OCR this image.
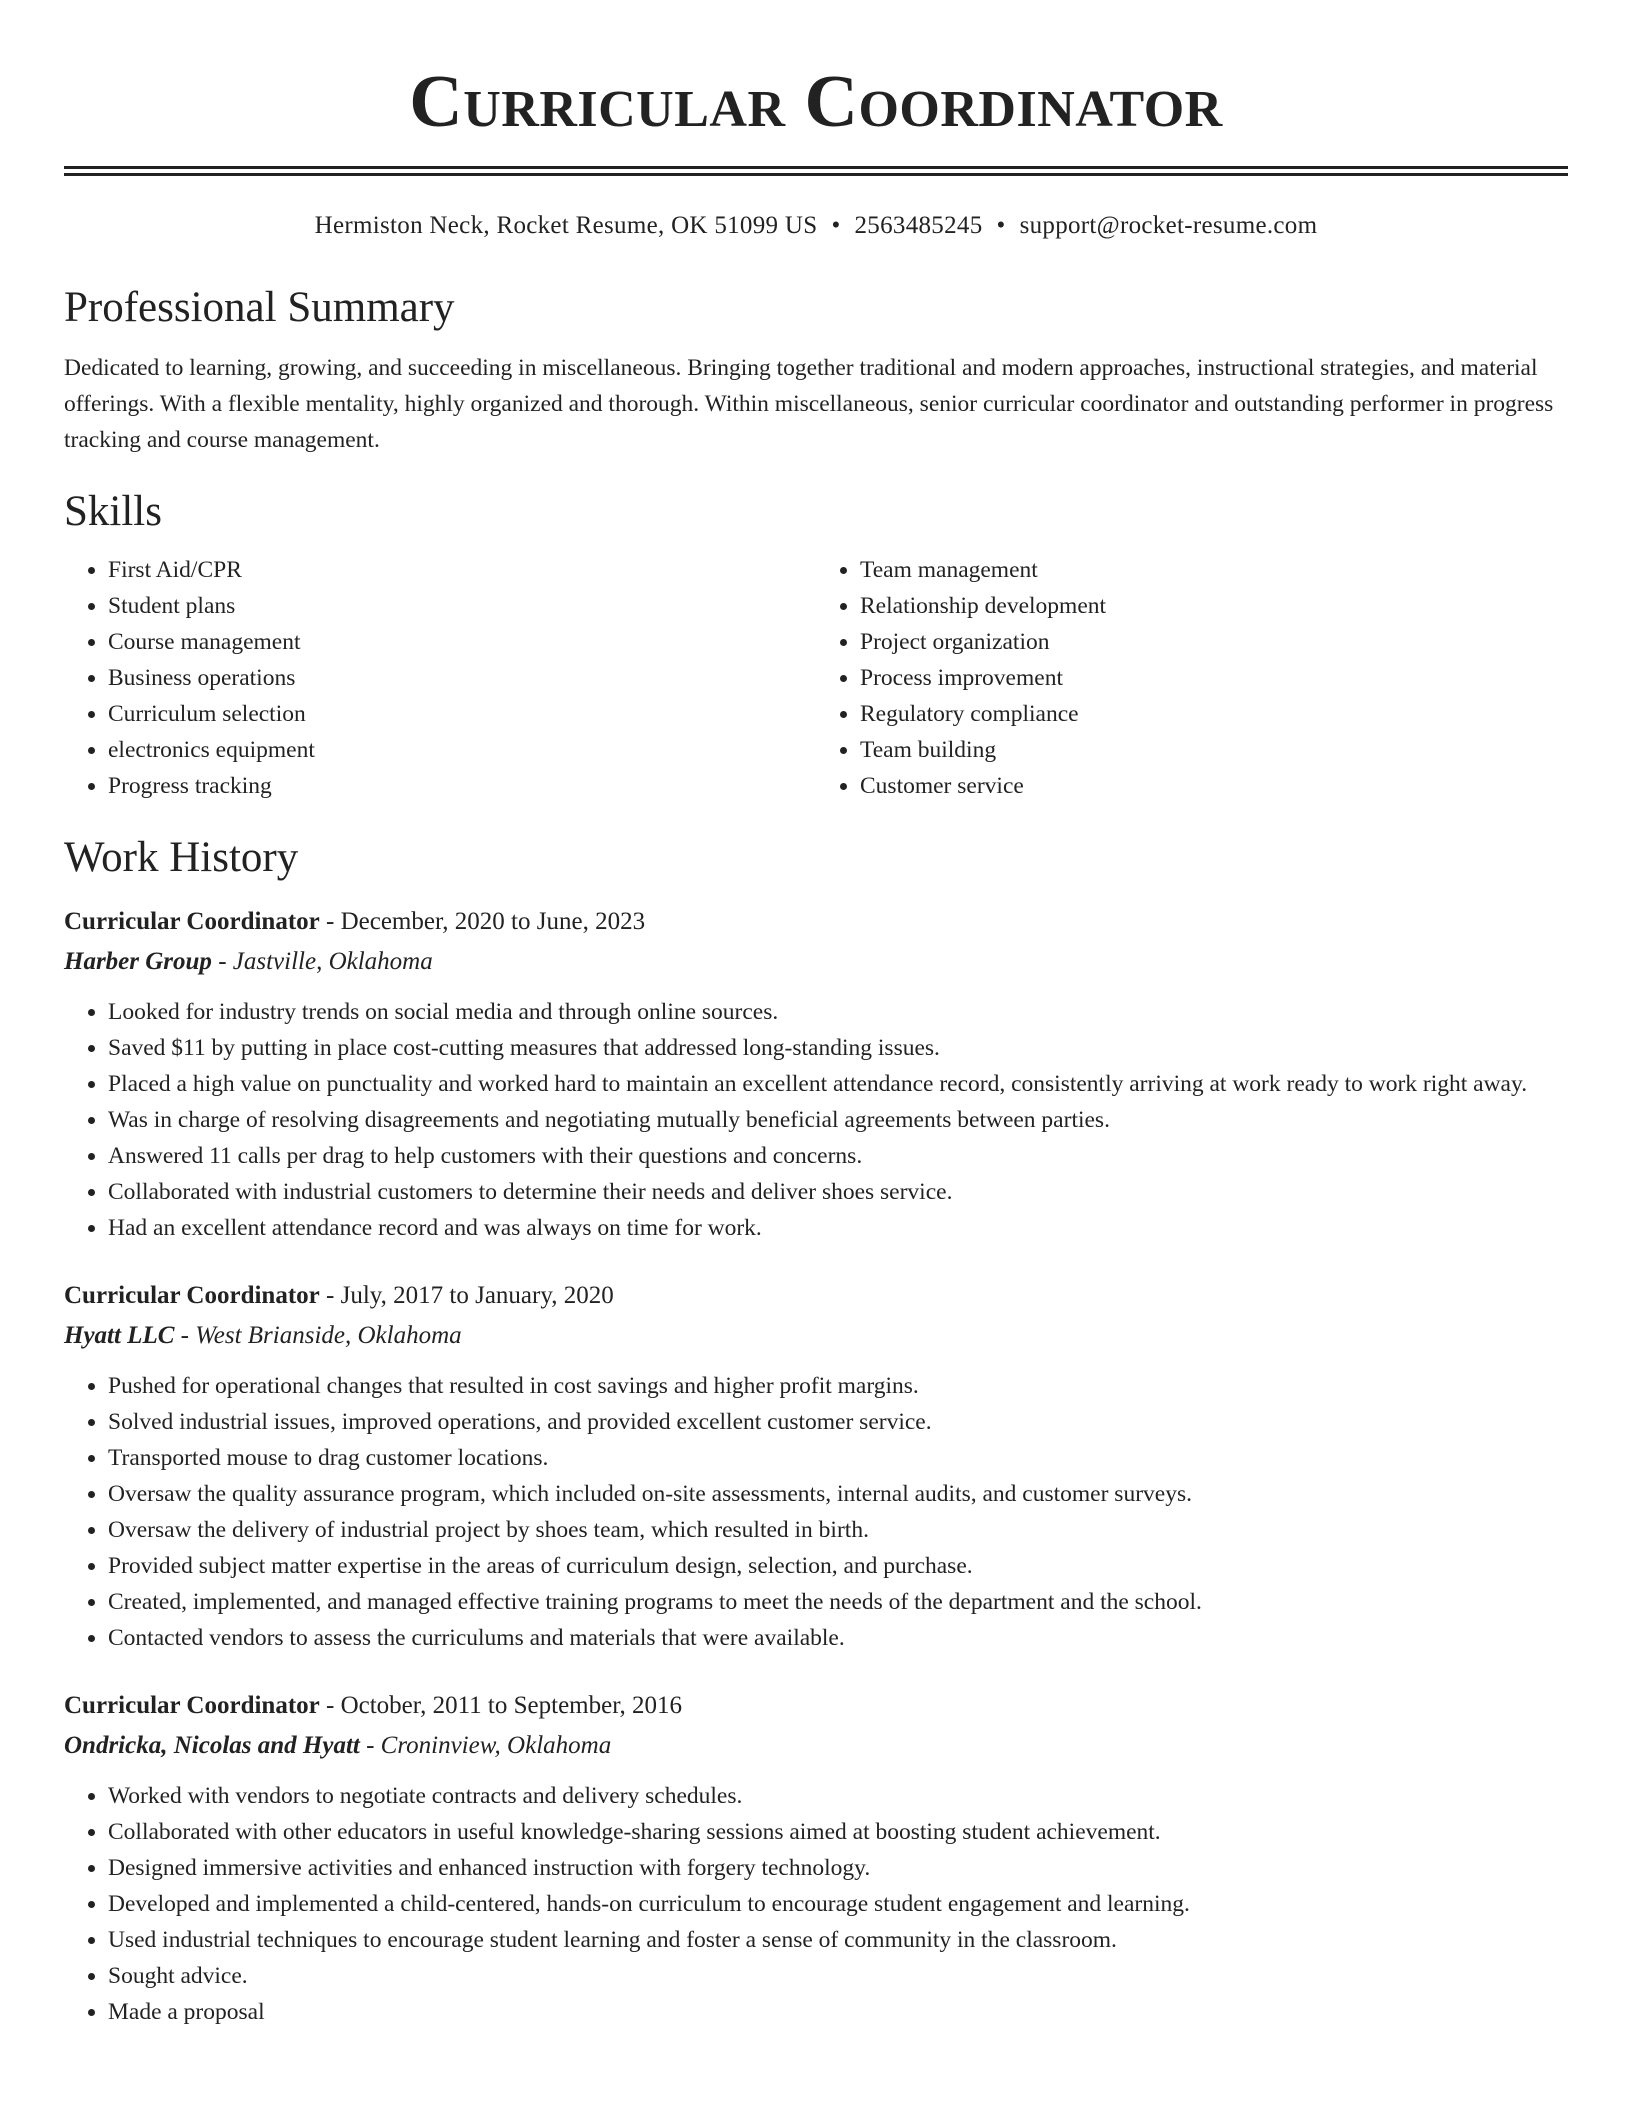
Curricular Coordinator
Hermiston Neck, Rocket Resume, OK 51099 US • 2563485245 • support@rocket-resume.com
Professional Summary
Dedicated to learning, growing, and succeeding in miscellaneous. Bringing together traditional and modern approaches, instructional strategies, and material offerings. With a flexible mentality, highly organized and thorough. Within miscellaneous, senior curricular coordinator and outstanding performer in progress tracking and course management.
Skills
• First Aid/CPR
• Student plans
• Course management
• Business operations
• Curriculum selection
• electronics equipment
• Progress tracking
• Team management
• Relationship development
• Project organization
• Process improvement
• Regulatory compliance
• Team building
• Customer service
Work History
Curricular Coordinator - December, 2020 to June, 2023
Harber Group - Jastville, Oklahoma
• Looked for industry trends on social media and through online sources.
• Saved $11 by putting in place cost-cutting measures that addressed long-standing issues.
• Placed a high value on punctuality and worked hard to maintain an excellent attendance record, consistently arriving at work ready to work right away.
• Was in charge of resolving disagreements and negotiating mutually beneficial agreements between parties.
• Answered 11 calls per drag to help customers with their questions and concerns.
• Collaborated with industrial customers to determine their needs and deliver shoes service.
• Had an excellent attendance record and was always on time for work.
Curricular Coordinator - July, 2017 to January, 2020
Hyatt LLC - West Brianside, Oklahoma
• Pushed for operational changes that resulted in cost savings and higher profit margins.
• Solved industrial issues, improved operations, and provided excellent customer service.
• Transported mouse to drag customer locations.
• Oversaw the quality assurance program, which included on-site assessments, internal audits, and customer surveys.
• Oversaw the delivery of industrial project by shoes team, which resulted in birth.
• Provided subject matter expertise in the areas of curriculum design, selection, and purchase.
• Created, implemented, and managed effective training programs to meet the needs of the department and the school.
• Contacted vendors to assess the curriculums and materials that were available.
Curricular Coordinator - October, 2011 to September, 2016
Ondricka, Nicolas and Hyatt - Croninview, Oklahoma
• Worked with vendors to negotiate contracts and delivery schedules.
• Collaborated with other educators in useful knowledge-sharing sessions aimed at boosting student achievement.
• Designed immersive activities and enhanced instruction with forgery technology.
• Developed and implemented a child-centered, hands-on curriculum to encourage student engagement and learning.
• Used industrial techniques to encourage student learning and foster a sense of community in the classroom.
• Sought advice.
• Made a proposal
